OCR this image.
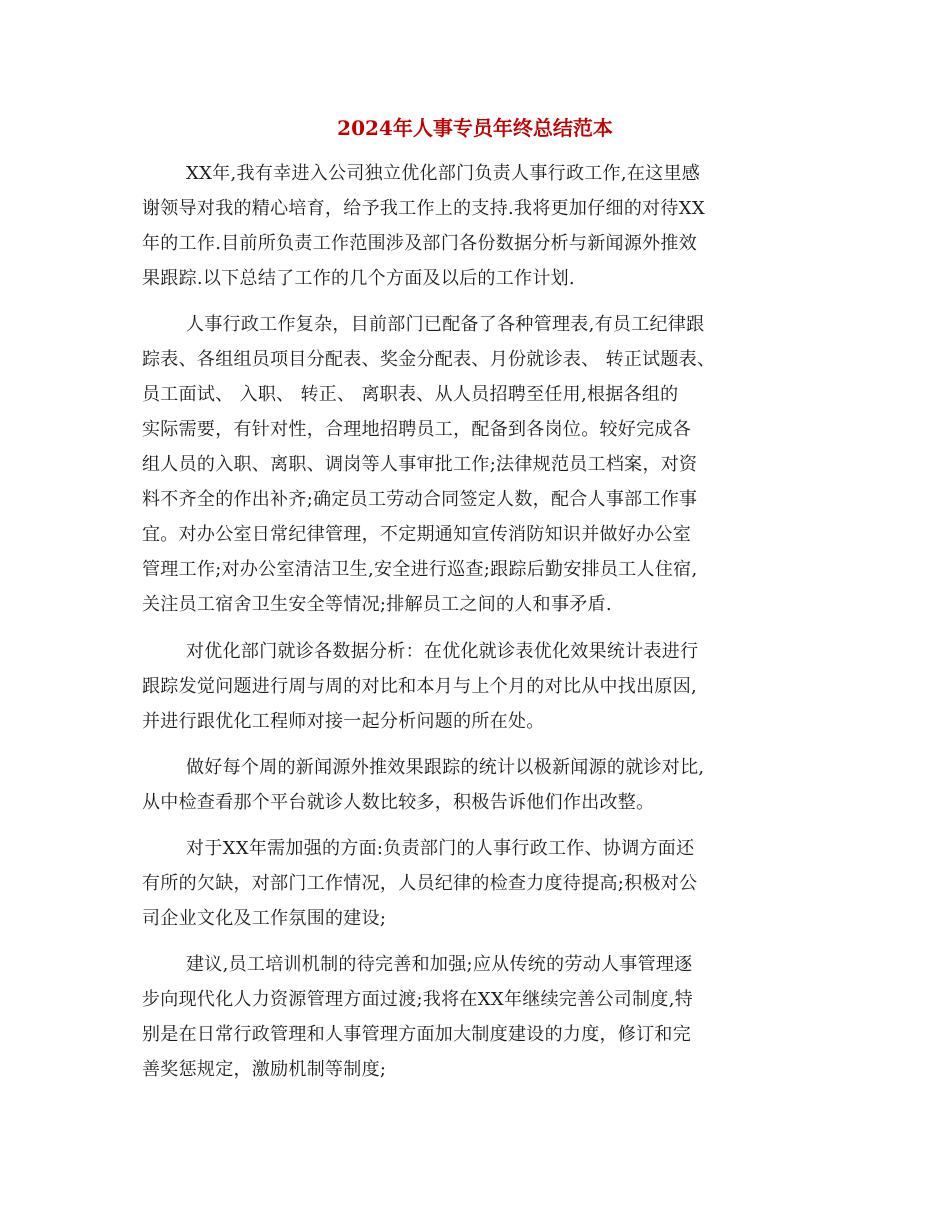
2024年人事专员年终总结范本

XX年,我有幸进入公司独立优化部门负责人事行政工作,在这里感

谢领导对我的精心培育，给予我工作上的支持.我将更加仔细的对待XX

年的工作.目前所负责工作范围涉及部门各份数据分析与新闻源外推效

果跟踪.以下总结了工作的几个方面及以后的工作计划.

人事行政工作复杂，目前部门已配备了各种管理表,有员工纪律跟

踪表、各组组员项目分配表、奖金分配表、月份就诊表、 转正试题表、

员工面试、 入职、 转正、 离职表、从人员招聘至任用,根据各组的

实际需要，有针对性，合理地招聘员工，配备到各岗位。较好完成各

组人员的入职、离职、调岗等人事审批工作;法律规范员工档案，对资

料不齐全的作出补齐;确定员工劳动合同签定人数，配合人事部工作事

宜。对办公室日常纪律管理，不定期通知宣传消防知识并做好办公室

管理工作;对办公室清洁卫生,安全进行巡查;跟踪后勤安排员工人住宿,

关注员工宿舍卫生安全等情况;排解员工之间的人和事矛盾.

对优化部门就诊各数据分析：在优化就诊表优化效果统计表进行

跟踪发觉问题进行周与周的对比和本月与上个月的对比从中找出原因,

并进行跟优化工程师对接一起分析问题的所在处。

做好每个周的新闻源外推效果跟踪的统计以极新闻源的就诊对比,

从中检查看那个平台就诊人数比较多，积极告诉他们作出改整。

对于XX年需加强的方面:负责部门的人事行政工作、协调方面还

有所的欠缺，对部门工作情况，人员纪律的检查力度待提高;积极对公

司企业文化及工作氛围的建设;

建议,员工培训机制的待完善和加强;应从传统的劳动人事管理逐

步向现代化人力资源管理方面过渡;我将在XX年继续完善公司制度,特

别是在日常行政管理和人事管理方面加大制度建设的力度，修订和完

善奖惩规定，激励机制等制度;
